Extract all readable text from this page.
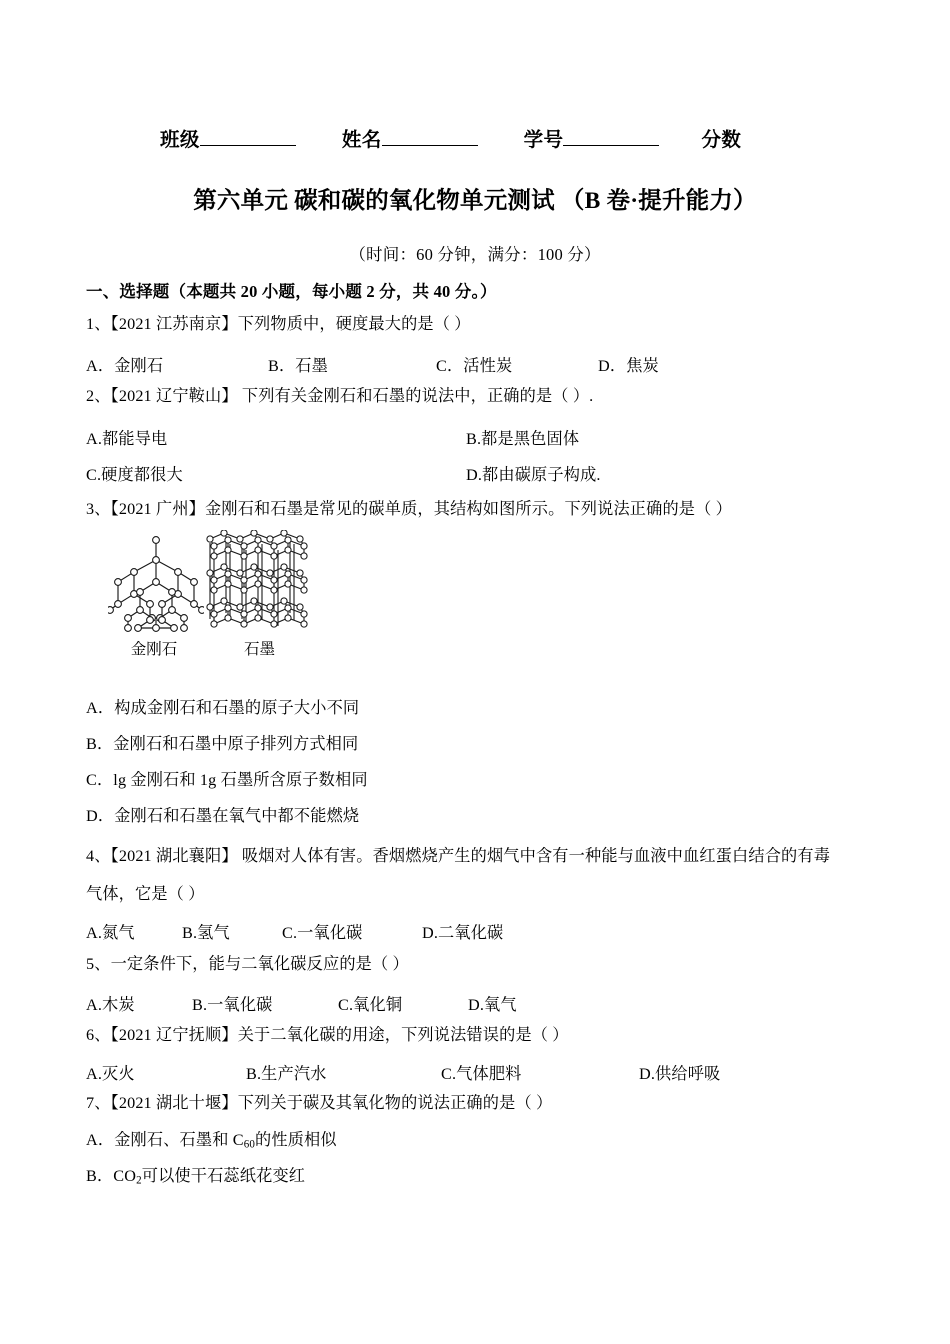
班级	姓名	学号	分数
第六单元 碳和碳的氧化物单元测试 （B 卷·提升能力）
（时间：60 分钟，满分：100 分）
一、选择题（本题共 20 小题，每小题 2 分，共 40 分。）
1、【2021 江苏南京】下列物质中，硬度最大的是（ ）
A．金刚石	B．石墨	C．活性炭	D．焦炭
2、【2021 辽宁鞍山】 下列有关金刚石和石墨的说法中，正确的是（ ）.
A.都能导电	B.都是黑色固体
C.硬度都很大	D.都由碳原子构成.
3、【2021 广州】金刚石和石墨是常见的碳单质，其结构如图所示。下列说法正确的是（ ）
金刚石	石墨
A．构成金刚石和石墨的原子大小不同
B．金刚石和石墨中原子排列方式相同
C．lg 金刚石和 1g 石墨所含原子数相同
D．金刚石和石墨在氧气中都不能燃烧
4、【2021 湖北襄阳】 吸烟对人体有害。香烟燃烧产生的烟气中含有一种能与血液中血红蛋白结合的有毒
气体，它是（ ）
A.氮气	B.氢气	C.一氧化碳	D.二氧化碳
5、一定条件下，能与二氧化碳反应的是（ ）
A.木炭	B.一氧化碳	C.氧化铜	D.氧气
6、【2021 辽宁抚顺】关于二氧化碳的用途，下列说法错误的是（ ）
A.灭火	B.生产汽水	C.气体肥料	D.供给呼吸
7、【2021 湖北十堰】下列关于碳及其氧化物的说法正确的是（ ）
A．金刚石、石墨和 $C_{60}$的性质相似
B．$CO_2$可以使干石蕊纸花变红
